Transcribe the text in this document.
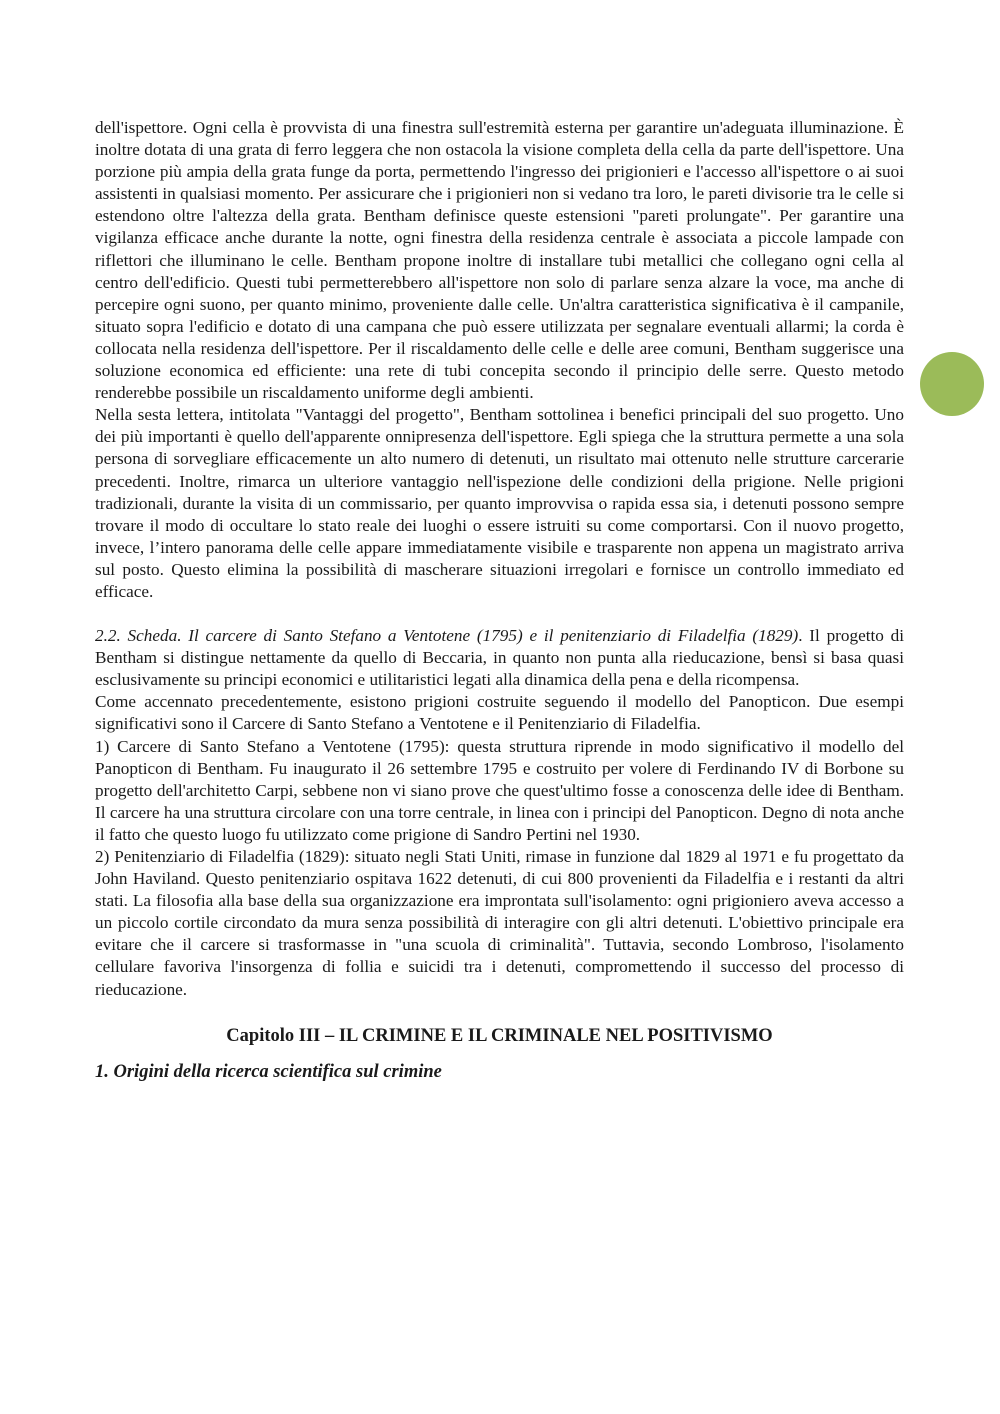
dell'ispettore. Ogni cella è provvista di una finestra sull'estremità esterna per garantire un'adeguata illuminazione. È inoltre dotata di una grata di ferro leggera che non ostacola la visione completa della cella da parte dell'ispettore. Una porzione più ampia della grata funge da porta, permettendo l'ingresso dei prigionieri e l'accesso all'ispettore o ai suoi assistenti in qualsiasi momento. Per assicurare che i prigionieri non si vedano tra loro, le pareti divisorie tra le celle si estendono oltre l'altezza della grata. Bentham definisce queste estensioni "pareti prolungate". Per garantire una vigilanza efficace anche durante la notte, ogni finestra della residenza centrale è associata a piccole lampade con riflettori che illuminano le celle. Bentham propone inoltre di installare tubi metallici che collegano ogni cella al centro dell'edificio. Questi tubi permetterebbero all'ispettore non solo di parlare senza alzare la voce, ma anche di percepire ogni suono, per quanto minimo, proveniente dalle celle. Un'altra caratteristica significativa è il campanile, situato sopra l'edificio e dotato di una campana che può essere utilizzata per segnalare eventuali allarmi; la corda è collocata nella residenza dell'ispettore. Per il riscaldamento delle celle e delle aree comuni, Bentham suggerisce una soluzione economica ed efficiente: una rete di tubi concepita secondo il principio delle serre. Questo metodo renderebbe possibile un riscaldamento uniforme degli ambienti.

Nella sesta lettera, intitolata "Vantaggi del progetto", Bentham sottolinea i benefici principali del suo progetto. Uno dei più importanti è quello dell'apparente onnipresenza dell'ispettore. Egli spiega che la struttura permette a una sola persona di sorvegliare efficacemente un alto numero di detenuti, un risultato mai ottenuto nelle strutture carcerarie precedenti. Inoltre, rimarca un ulteriore vantaggio nell'ispezione delle condizioni della prigione. Nelle prigioni tradizionali, durante la visita di un commissario, per quanto improvvisa o rapida essa sia, i detenuti possono sempre trovare il modo di occultare lo stato reale dei luoghi o essere istruiti su come comportarsi. Con il nuovo progetto, invece, l’intero panorama delle celle appare immediatamente visibile e trasparente non appena un magistrato arriva sul posto. Questo elimina la possibilità di mascherare situazioni irregolari e fornisce un controllo immediato ed efficace.

2.2. Scheda. Il carcere di Santo Stefano a Ventotene (1795) e il penitenziario di Filadelfia (1829). Il progetto di Bentham si distingue nettamente da quello di Beccaria, in quanto non punta alla rieducazione, bensì si basa quasi esclusivamente su principi economici e utilitaristici legati alla dinamica della pena e della ricompensa.

Come accennato precedentemente, esistono prigioni costruite seguendo il modello del Panopticon. Due esempi significativi sono il Carcere di Santo Stefano a Ventotene e il Penitenziario di Filadelfia.

1) Carcere di Santo Stefano a Ventotene (1795): questa struttura riprende in modo significativo il modello del Panopticon di Bentham. Fu inaugurato il 26 settembre 1795 e costruito per volere di Ferdinando IV di Borbone su progetto dell'architetto Carpi, sebbene non vi siano prove che quest'ultimo fosse a conoscenza delle idee di Bentham. Il carcere ha una struttura circolare con una torre centrale, in linea con i principi del Panopticon. Degno di nota anche il fatto che questo luogo fu utilizzato come prigione di Sandro Pertini nel 1930.

2) Penitenziario di Filadelfia (1829): situato negli Stati Uniti, rimase in funzione dal 1829 al 1971 e fu progettato da John Haviland. Questo penitenziario ospitava 1622 detenuti, di cui 800 provenienti da Filadelfia e i restanti da altri stati. La filosofia alla base della sua organizzazione era improntata sull'isolamento: ogni prigioniero aveva accesso a un piccolo cortile circondato da mura senza possibilità di interagire con gli altri detenuti. L'obiettivo principale era evitare che il carcere si trasformasse in "una scuola di criminalità". Tuttavia, secondo Lombroso, l'isolamento cellulare favoriva l'insorgenza di follia e suicidi tra i detenuti, compromettendo il successo del processo di rieducazione.

Capitolo III – IL CRIMINE E IL CRIMINALE NEL POSITIVISMO
1. Origini della ricerca scientifica sul crimine
